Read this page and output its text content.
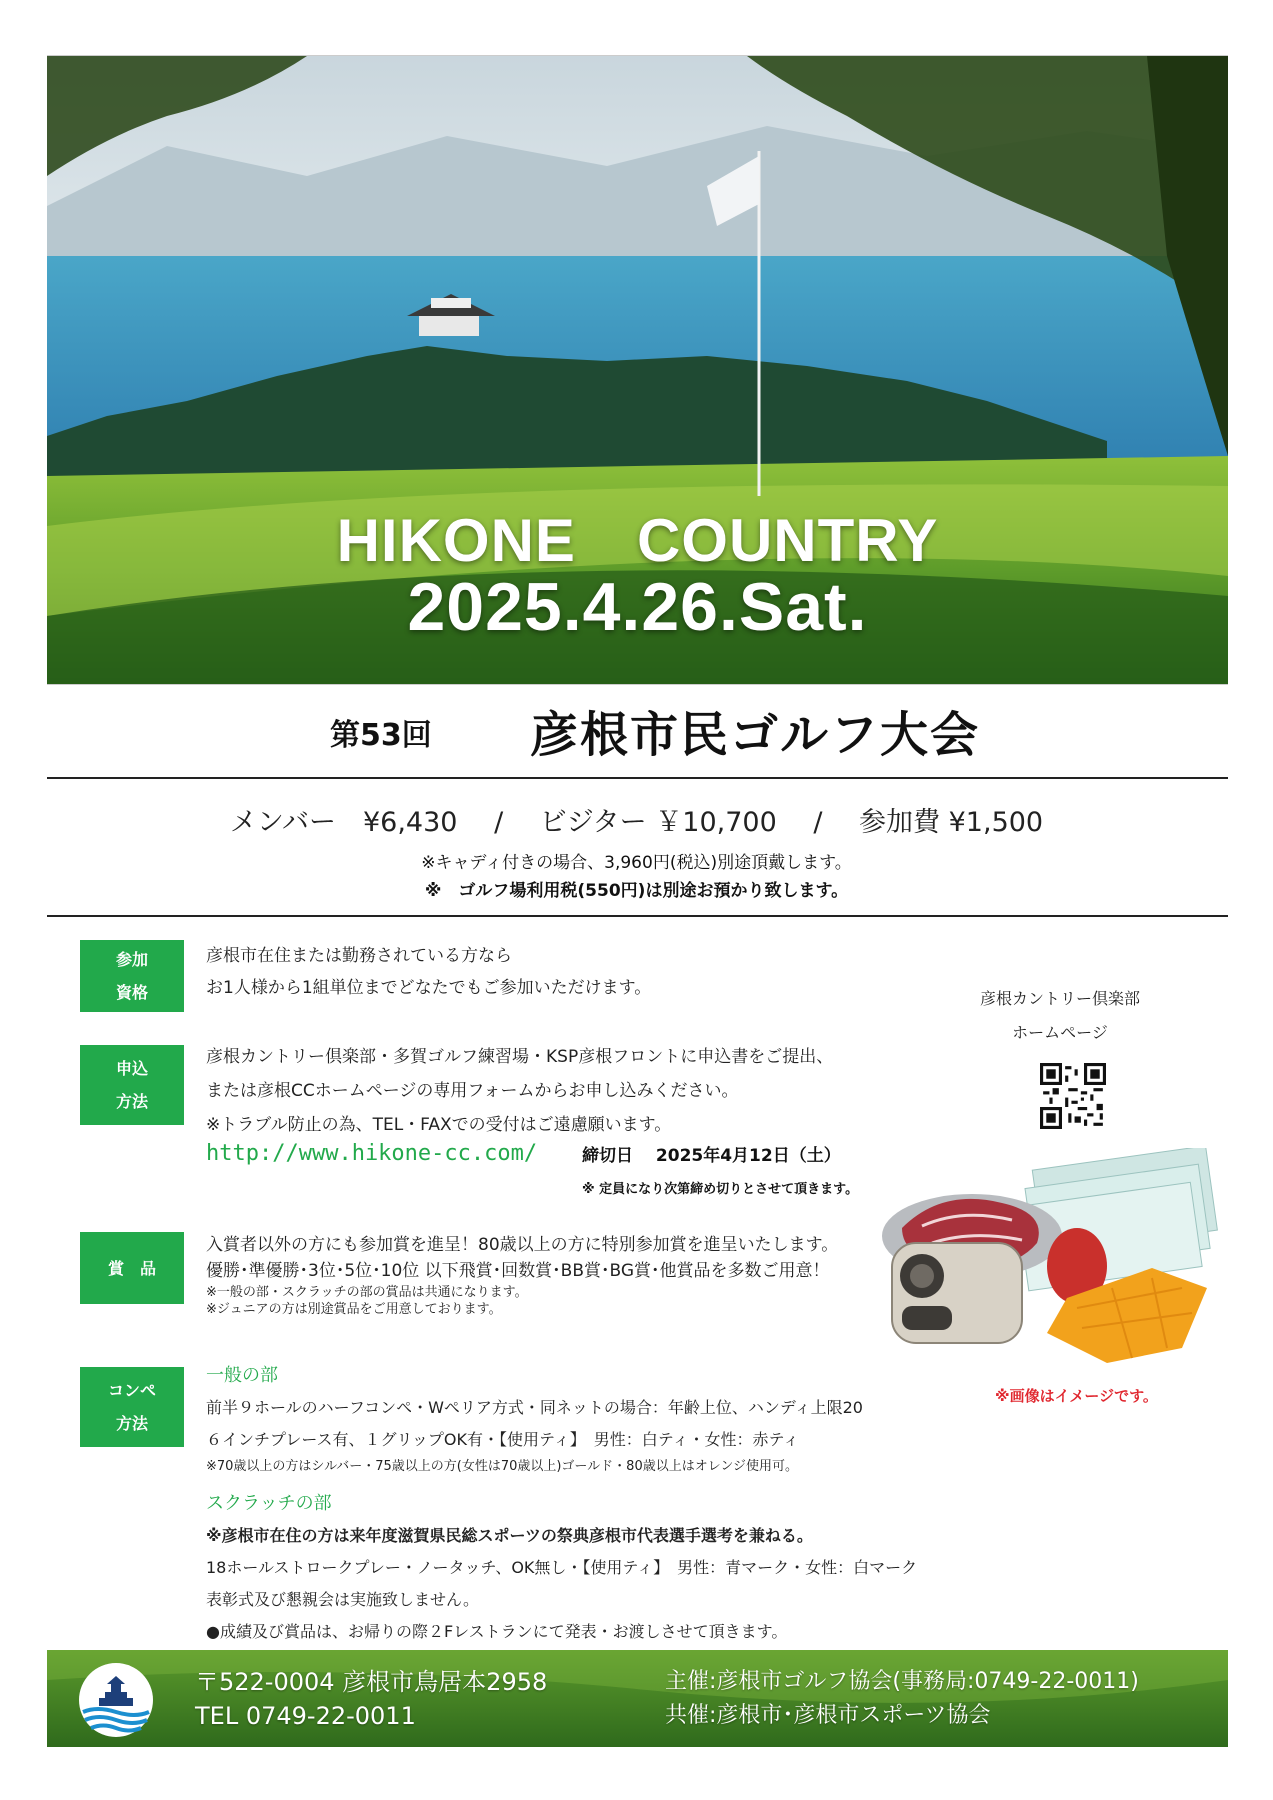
HIKONE　COUNTRY
2025.4.26.Sat.
第53回 彦根市民ゴルフ大会
メンバー　¥6,430 / ビジター ￥10,700 / 参加費 ¥1,500
※キャディ付きの場合、3,960円(税込)別途頂戴します。
※　ゴルフ場利用税(550円)は別途お預かり致します。
参加
資格
彦根市在住または勤務されている方なら
お1人様から1組単位までどなたでもご参加いただけます。
申込
方法
彦根カントリー倶楽部・多賀ゴルフ練習場・KSP彦根フロントに申込書をご提出、
または彦根CCホームページの専用フォームからお申し込みください。
※トラブル防止の為、TEL・FAXでの受付はご遠慮願います。
http://www.hikone-cc.com/	締切日　 2025年4月12日（土）
※ 定員になり次第締め切りとさせて頂きます。
彦根カントリー倶楽部
ホームページ
※画像はイメージです。
賞　品
入賞者以外の方にも参加賞を進呈！80歳以上の方に特別参加賞を進呈いたします。
優勝･準優勝･3位･5位･10位 以下飛賞･回数賞･BB賞･BG賞･他賞品を多数ご用意！
※一般の部・スクラッチの部の賞品は共通になります。
※ジュニアの方は別途賞品をご用意しております。
コンペ
方法
一般の部
前半９ホールのハーフコンペ・Wペリア方式・同ネットの場合：年齢上位、ハンディ上限20
６インチプレース有、１グリップOK有・【使用ティ】　男性：白ティ・女性：赤ティ
※70歳以上の方はシルバー・75歳以上の方(女性は70歳以上)ゴールド・80歳以上はオレンジ使用可。
スクラッチの部
※彦根市在住の方は来年度滋賀県民総スポーツの祭典彦根市代表選手選考を兼ねる。
18ホールストロークプレー・ノータッチ、OK無し・【使用ティ】　男性：青マーク・女性：白マーク
表彰式及び懇親会は実施致しません。
●成績及び賞品は、お帰りの際２Fレストランにて発表・お渡しさせて頂きます。
〒522-0004 彦根市鳥居本2958
TEL 0749-22-0011
主催:彦根市ゴルフ協会(事務局:0749-22-0011)
共催:彦根市･彦根市スポーツ協会
